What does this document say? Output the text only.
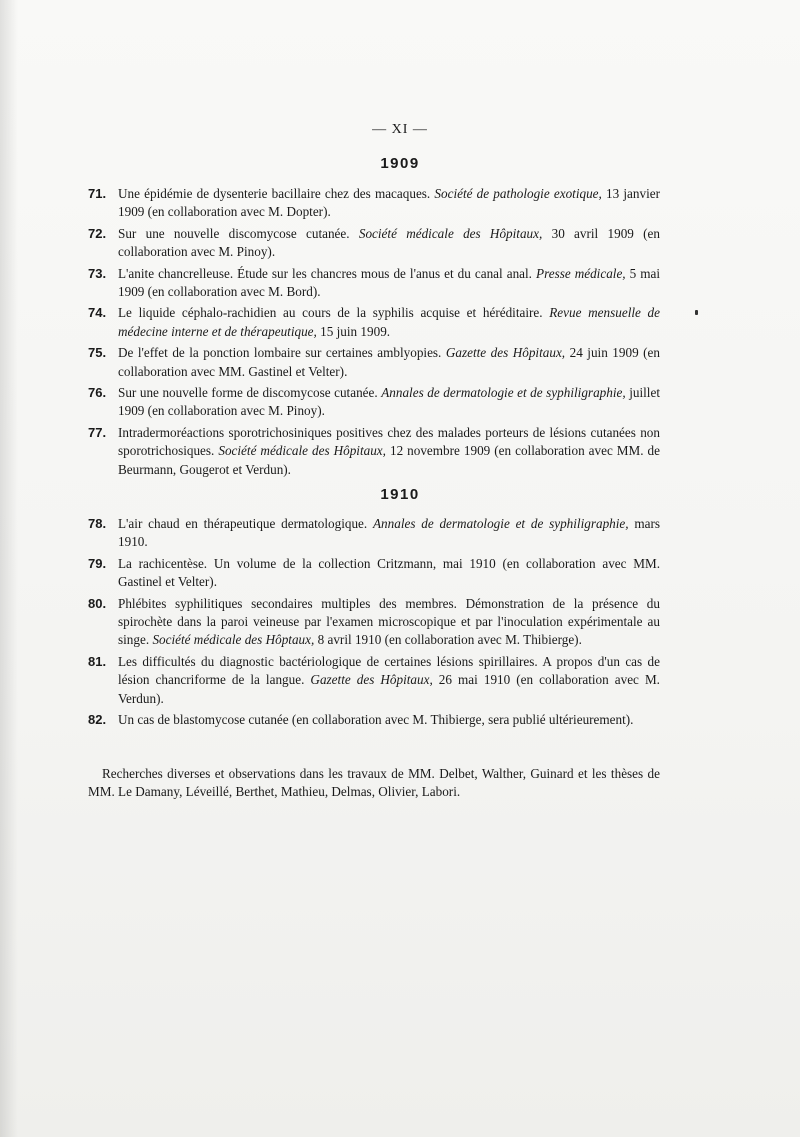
— XI —
1909
71. Une épidémie de dysenterie bacillaire chez des macaques. Société de pathologie exotique, 13 janvier 1909 (en collaboration avec M. Dopter).
72. Sur une nouvelle discomycose cutanée. Société médicale des Hôpitaux, 30 avril 1909 (en collaboration avec M. Pinoy).
73. L'anite chancrelleuse. Étude sur les chancres mous de l'anus et du canal anal. Presse médicale, 5 mai 1909 (en collaboration avec M. Bord).
74. Le liquide céphalo-rachidien au cours de la syphilis acquise et héréditaire. Revue mensuelle de médecine interne et de thérapeutique, 15 juin 1909.
75. De l'effet de la ponction lombaire sur certaines amblyopies. Gazette des Hôpitaux, 24 juin 1909 (en collaboration avec MM. Gastinel et Velter).
76. Sur une nouvelle forme de discomycose cutanée. Annales de dermatologie et de syphiligraphie, juillet 1909 (en collaboration avec M. Pinoy).
77. Intradermoréactions sporotrichosiniques positives chez des malades porteurs de lésions cutanées non sporotrichosiques. Société médicale des Hôpitaux, 12 novembre 1909 (en collaboration avec MM. de Beurmann, Gougerot et Verdun).
1910
78. L'air chaud en thérapeutique dermatologique. Annales de dermatologie et de syphiligraphie, mars 1910.
79. La rachicentèse. Un volume de la collection Critzmann, mai 1910 (en collaboration avec MM. Gastinel et Velter).
80. Phlébites syphilitiques secondaires multiples des membres. Démonstration de la présence du spirochète dans la paroi veineuse par l'examen microscopique et par l'inoculation expérimentale au singe. Société médicale des Hôptaux, 8 avril 1910 (en collaboration avec M. Thibierge).
81. Les difficultés du diagnostic bactériologique de certaines lésions spirillaires. A propos d'un cas de lésion chancriforme de la langue. Gazette des Hôpitaux, 26 mai 1910 (en collaboration avec M. Verdun).
82. Un cas de blastomycose cutanée (en collaboration avec M. Thibierge, sera publié ultérieurement).
Recherches diverses et observations dans les travaux de MM. Delbet, Walther, Guinard et les thèses de MM. Le Damany, Léveillé, Berthet, Mathieu, Delmas, Olivier, Labori.
